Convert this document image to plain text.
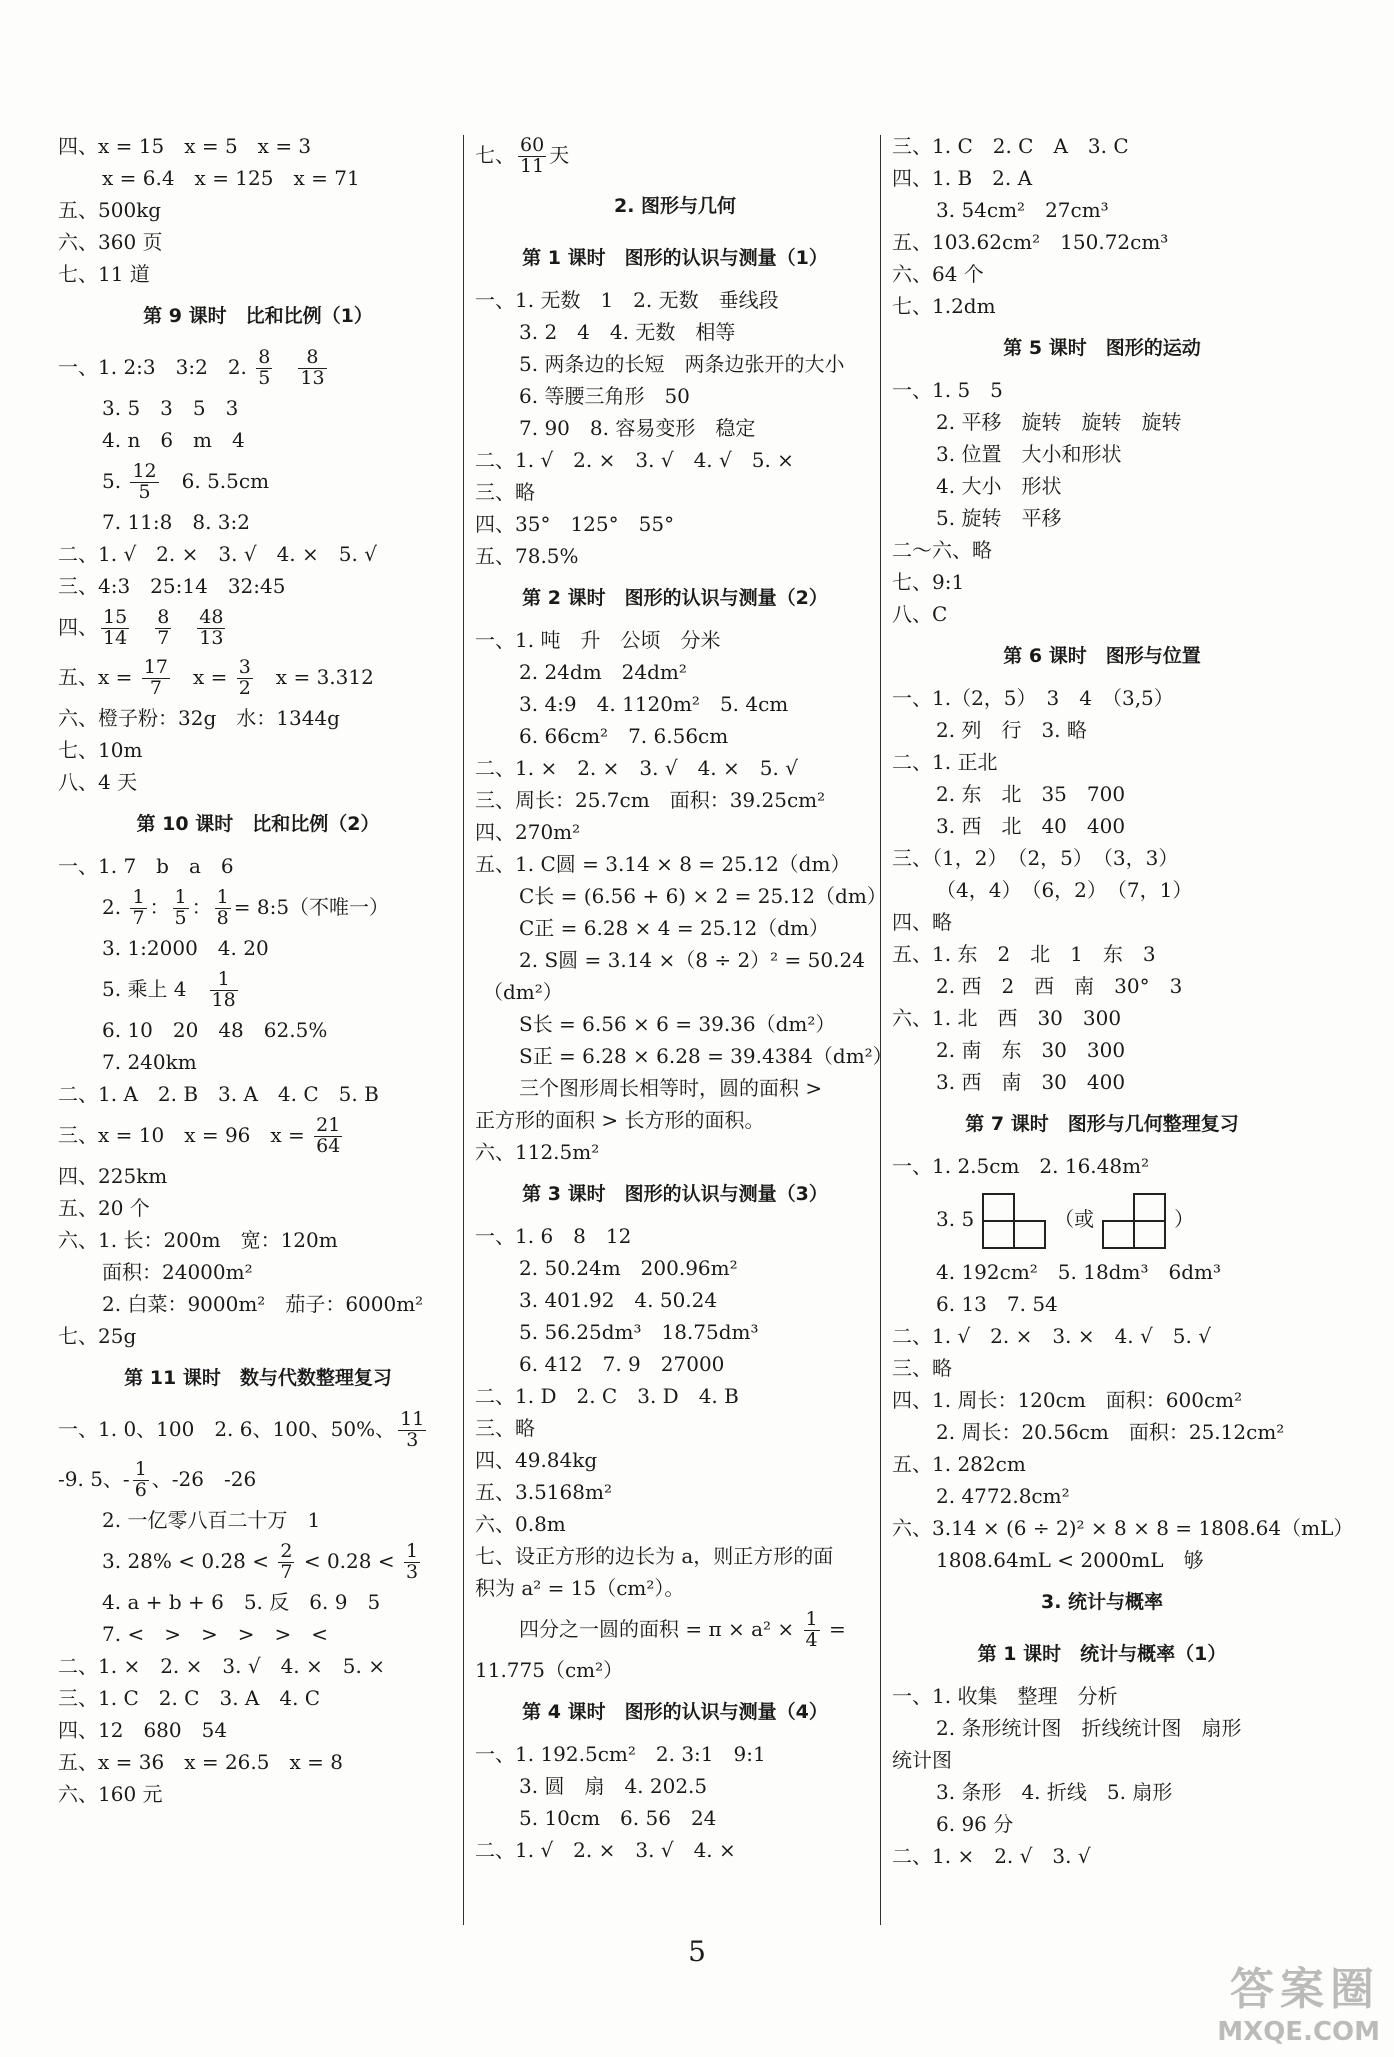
四、x = 15　x = 5　x = 3
x = 6.4　x = 125　x = 71
五、500kg
六、360 页
七、11 道
第 9 课时　比和比例（1）
一、1. 2:3　3:2　2. $\frac{8}{5}$
　 $\frac{8}{13}$
3. 5　3　5　3
4. n　6　m　4
5. $\frac{12}{5}$ 　6. 5.5cm
7. 11:8　8. 3:2
二、1. √　2. ×　3. √　4. ×　5. √
三、4:3　25:14　32:45
四、 $\frac{15}{14}$
　 $\frac{8}{7}$
　 $\frac{48}{13}$
五、$x = \frac{17}{7}$ 　$x = \frac{3}{2}$ 　x = 3.312
六、橙子粉：32g　水：1344g
七、10m
八、4 天
第 10 课时　比和比例（2）
一、1. 7　b　a　6
2. $\frac{1}{7}$ ： $\frac{1}{5}$ ： $\frac{1}{8}$ = 8:5（不唯一）
3. 1:2000　4. 20
5. 乘上 4　 $\frac{1}{18}$
6. 10　20　48　62.5%
7. 240km
二、1. A　2. B　3. A　4. C　5. B
三、x = 10　x = 96　$x = \frac{21}{64}$
四、225km
五、20 个
六、1. 长：200m　宽：120m
面积：24000m²
2. 白菜：9000m²　茄子：6000m²
七、25g
第 11 课时　数与代数整理复习
一、1. 0、100　2. 6、100、50%、 $\frac{11}{3}$
-9. 5、- $\frac{1}{6}$ 、-26　-26
2. 一亿零八百二十万　1
3. 28% < 0.2̇8̇ < $\frac{2}{7} < 0.28 < \frac{1}{3}$
4. a + b + 6　5. 反　6. 9　5
7. <　>　>　>　>　<
二、1. ×　2. ×　3. √　4. ×　5. ×
三、1. C　2. C　3. A　4. C
四、12　680　54
五、x = 36　x = 26.5　x = 8
六、160 元
七、 $\frac{60}{11}$ 天
2. 图形与几何
第 1 课时　图形的认识与测量（1）
一、1. 无数　1　2. 无数　垂线段
3. 2　4　4. 无数　相等
5. 两条边的长短　两条边张开的大小
6. 等腰三角形　50
7. 90　8. 容易变形　稳定
二、1. √　2. ×　3. √　4. √　5. ×
三、略
四、35°　125°　55°
五、78.5%
第 2 课时　图形的认识与测量（2）
一、1. 吨　升　公顷　分米
2. 24dm　24dm²
3. 4:9　4. 1120m²　5. 4cm
6. 66cm²　7. 6.56cm
二、1. ×　2. ×　3. √　4. ×　5. √
三、周长：25.7cm　面积：39.25cm²
四、270m²
五、1. C圆 = 3.14 × 8 = 25.12（dm）
C长 = (6.56 + 6) × 2 = 25.12（dm）
C正 = 6.28 × 4 = 25.12（dm）
2. S圆 = 3.14 ×（8 ÷ 2）² = 50.24
（dm²）
S长 = 6.56 × 6 = 39.36（dm²）
S正 = 6.28 × 6.28 = 39.4384（dm²）
三个图形周长相等时，圆的面积 >
正方形的面积 > 长方形的面积。
六、112.5m²
第 3 课时　图形的认识与测量（3）
一、1. 6　8　12
2. 50.24m　200.96m²
3. 401.92　4. 50.24
5. 56.25dm³　18.75dm³
6. 412　7. 9　27000
二、1. D　2. C　3. D　4. B
三、略
四、49.84kg
五、3.5168m²
六、0.8m
七、设正方形的边长为 a，则正方形的面
积为 a² = 15（cm²）。
四分之一圆的面积 = $\pi \times a^2 \times \frac{1}{4}$ =
11.775（cm²）
第 4 课时　图形的认识与测量（4）
一、1. 192.5cm²　2. 3:1　9:1
3. 圆　扇　4. 202.5
5. 10cm　6. 56　24
二、1. √　2. ×　3. √　4. ×
三、1. C　2. C　A　3. C
四、1. B　2. A
3. 54cm²　27cm³
五、103.62cm²　150.72cm³
六、64 个
七、1.2dm
第 5 课时　图形的运动
一、1. 5　5
2. 平移　旋转　旋转　旋转
3. 位置　大小和形状
4. 大小　形状
5. 旋转　平移
二～六、略
七、9:1
八、C
第 6 课时　图形与位置
一、1.（2，5）　3　4　（3,5）
2. 列　行　3. 略
二、1. 正北
2. 东　北　35　700
3. 西　北　40　400
三、（1，2）　（2，5）　（3，3）
（4，4）　（6，2）　（7，1）
四、略
五、1. 东　2　北　1　东　3
2. 西　2　西　南　30°　3
六、1. 北　西　30　300
2. 南　东　30　300
3. 西　南　30　400
第 7 课时　图形与几何整理复习
一、1. 2.5cm　2. 16.48m²
3. 5	（或	）
4. 192cm²　5. 18dm³　6dm³
6. 13　7. 54
二、1. √　2. ×　3. ×　4. √　5. √
三、略
四、1. 周长：120cm　面积：600cm²
2. 周长：20.56cm　面积：25.12cm²
五、1. 282cm
2. 4772.8cm²
六、3.14 × (6 ÷ 2)² × 8 × 8 = 1808.64（mL）
1808.64mL < 2000mL　够
3. 统计与概率
第 1 课时　统计与概率（1）
一、1. 收集　整理　分析
2. 条形统计图　折线统计图　扇形
统计图
3. 条形　4. 折线　5. 扇形
6. 96 分
二、1. ×　2. √　3. √
5
答案圈
MXQE.COM
